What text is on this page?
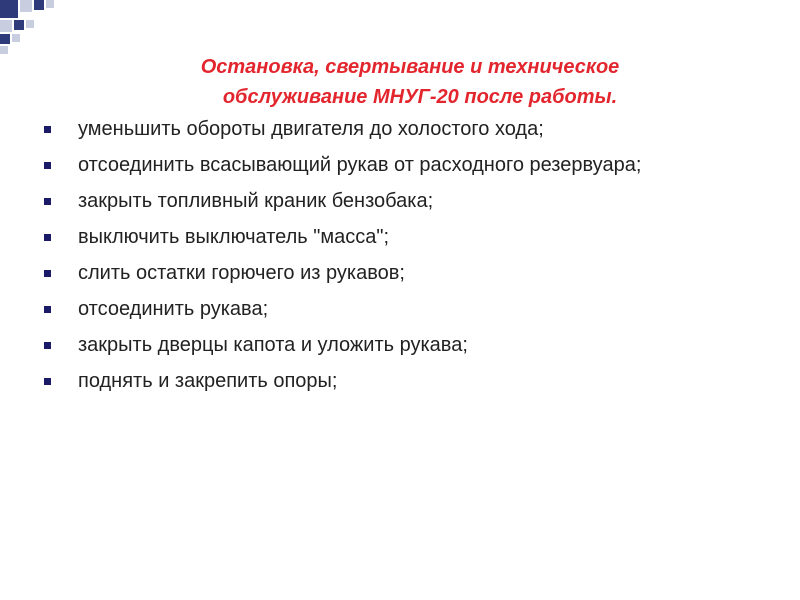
Остановка, свертывание и техническое
обслуживание МНУГ-20 после работы.
уменьшить обороты двигателя до холостого хода;
отсоединить всасывающий рукав от расходного резервуара;
закрыть топливный краник бензобака;
выключить выключатель "масса";
слить остатки горючего из рукавов;
отсоединить рукава;
закрыть дверцы капота и уложить рукава;
поднять и закрепить опоры;
